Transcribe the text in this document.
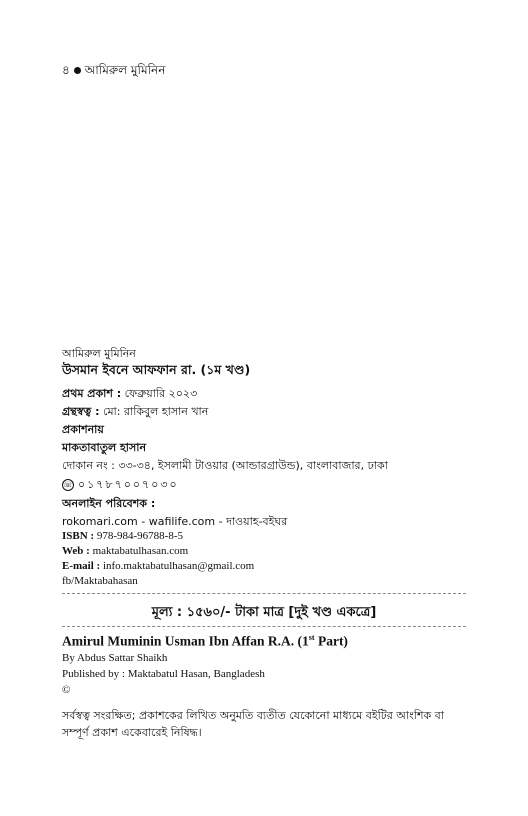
৪ আমিরুল মুমিনিন
আমিরুল মুমিনিন
উসমান ইবনে আফফান রা. (১ম খণ্ড)
প্রথম প্রকাশ : ফেব্রুয়ারি ২০২৩
গ্রন্থস্বত্ব : মো: রাকিবুল হাসান খান
প্রকাশনায়
মাকতাবাতুল হাসান
দোকান নং : ৩৩-৩৪, ইসলামী টাওয়ার (আন্ডারগ্রাউন্ড), বাংলাবাজার, ঢাকা
☏ ০১৭৮৭০০৭০৩০
অনলাইন পরিবেশক :
rokomari.com - wafilife.com - দাওয়াহ-বইঘর
ISBN : 978-984-96788-8-5
Web : maktabatulhasan.com
E-mail : info.maktabatulhasan@gmail.com
fb/Maktabahasan
মূল্য : ১৫৬০/- টাকা মাত্র [দুই খণ্ড একত্রে]
Amirul Muminin Usman Ibn Affan R.A. (1st Part)
By Abdus Sattar Shaikh
Published by : Maktabatul Hasan, Bangladesh
©
সর্বস্বত্ব সংরক্ষিত; প্রকাশকের লিখিত অনুমতি ব্যতীত যেকোনো মাধ্যমে বইটির আংশিক বা সম্পূর্ণ প্রকাশ একেবারেই নিষিদ্ধ।
